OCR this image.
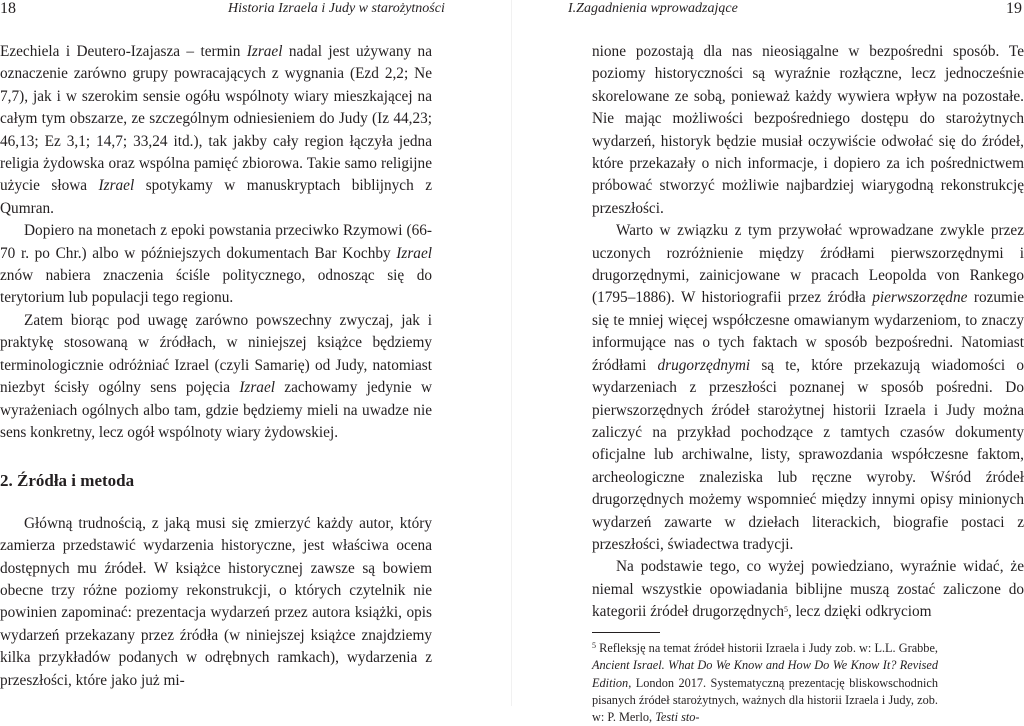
18	Historia Izraela i Judy w starożytności

Ezechiela i Deutero-Izajasza – termin Izrael nadal jest używany na oznaczenie zarówno grupy powracających z wygnania (Ezd 2,2; Ne 7,7), jak i w szerokim sensie ogółu wspólnoty wiary mieszkającej na całym tym obszarze, ze szczególnym odniesieniem do Judy (Iz 44,23; 46,13; Ez 3,1; 14,7; 33,24 itd.), tak jakby cały region łączyła jedna religia żydowska oraz wspólna pamięć zbiorowa. Takie samo religijne użycie słowa Izrael spotykamy w manuskryptach biblijnych z Qumran.

Dopiero na monetach z epoki powstania przeciwko Rzymowi (66-70 r. po Chr.) albo w późniejszych dokumentach Bar Kochby Izrael znów nabiera znaczenia ściśle politycznego, odnosząc się do terytorium lub populacji tego regionu.

Zatem biorąc pod uwagę zarówno powszechny zwyczaj, jak i praktykę stosowaną w źródłach, w niniejszej książce będziemy terminologicznie odróżniać Izrael (czyli Samarię) od Judy, natomiast niezbyt ścisły ogólny sens pojęcia Izrael zachowamy jedynie w wyrażeniach ogólnych albo tam, gdzie będziemy mieli na uwadze nie sens konkretny, lecz ogół wspólnoty wiary żydowskiej.

2. Źródła i metoda

Główną trudnością, z jaką musi się zmierzyć każdy autor, który zamierza przedstawić wydarzenia historyczne, jest właściwa ocena dostępnych mu źródeł. W książce historycznej zawsze są bowiem obecne trzy różne poziomy rekonstrukcji, o których czytelnik nie powinien zapominać: prezentacja wydarzeń przez autora książki, opis wydarzeń przekazany przez źródła (w niniejszej książce znajdziemy kilka przykładów podanych w odrębnych ramkach), wydarzenia z przeszłości, które jako już mi-

I.Zagadnienia wprowadzające	19

nione pozostają dla nas nieosiągalne w bezpośredni sposób. Te poziomy historyczności są wyraźnie rozłączne, lecz jednocześnie skorelowane ze sobą, ponieważ każdy wywiera wpływ na pozostałe. Nie mając możliwości bezpośredniego dostępu do starożytnych wydarzeń, historyk będzie musiał oczywiście odwołać się do źródeł, które przekazały o nich informacje, i dopiero za ich pośrednictwem próbować stworzyć możliwie najbardziej wiarygodną rekonstrukcję przeszłości.

Warto w związku z tym przywołać wprowadzane zwykle przez uczonych rozróżnienie między źródłami pierwszorzędnymi i drugorzędnymi, zainicjowane w pracach Leopolda von Rankego (1795–1886). W historiografii przez źródła pierwszorzędne rozumie się te mniej więcej współczesne omawianym wydarzeniom, to znaczy informujące nas o tych faktach w sposób bezpośredni. Natomiast źródłami drugorzędnymi są te, które przekazują wiadomości o wydarzeniach z przeszłości poznanej w sposób pośredni. Do pierwszorzędnych źródeł starożytnej historii Izraela i Judy można zaliczyć na przykład pochodzące z tamtych czasów dokumenty oficjalne lub archiwalne, listy, sprawozdania współczesne faktom, archeologiczne znaleziska lub ręczne wyroby. Wśród źródeł drugorzędnych możemy wspomnieć między innymi opisy minionych wydarzeń zawarte w dziełach literackich, biografie postaci z przeszłości, świadectwa tradycji.

Na podstawie tego, co wyżej powiedziano, wyraźnie widać, że niemal wszystkie opowiadania biblijne muszą zostać zaliczone do kategorii źródeł drugorzędnych$^5$, lecz dzięki odkryciom

$^5$ Refleksję na temat źródeł historii Izraela i Judy zob. w: L.L. Grabbe, Ancient Israel. What Do We Know and How Do We Know It? Revised Edition, London 2017. Systematyczną prezentację bliskowschodnich pisanych źródeł starożytnych, ważnych dla historii Izraela i Judy, zob. w: P. Merlo, Testi sto-
